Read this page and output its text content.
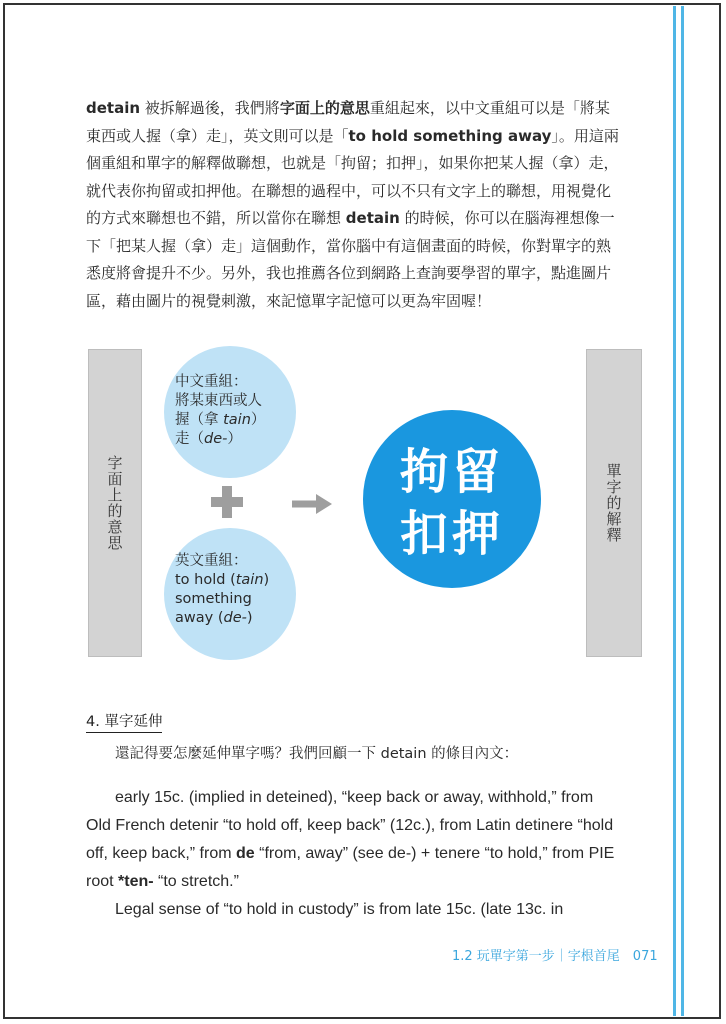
detain 被拆解過後，我們將字面上的意思重組起來，以中文重組可以是「將某
東西或人握（拿）走」，英文則可以是「to hold something away」。用這兩
個重組和單字的解釋做聯想，也就是「拘留；扣押」，如果你把某人握（拿）走，
就代表你拘留或扣押他。在聯想的過程中，可以不只有文字上的聯想，用視覺化
的方式來聯想也不錯，所以當你在聯想 detain 的時候，你可以在腦海裡想像一
下「把某人握（拿）走」這個動作，當你腦中有這個畫面的時候，你對單字的熟
悉度將會提升不少。另外，我也推薦各位到網路上查詢要學習的單字，點進圖片
區，藉由圖片的視覺刺激，來記憶單字記憶可以更為牢固喔！
字面上的意思	單字的解釋
中文重組：
將某東西或人
握（拿 tain）
走（de-）
英文重組：
to hold (tain)
something
away (de-)
拘留
扣押
4. 單字延伸
還記得要怎麼延伸單字嗎？我們回顧一下 detain 的條目內文：
early 15c. (implied in deteined), “keep back or away, withhold,” from
Old French detenir “to hold off, keep back” (12c.), from Latin detinere “hold
off, keep back,” from de “from, away” (see de-) + tenere “to hold,” from PIE
root *ten- “to stretch.”
Legal sense of “to hold in custody” is from late 15c. (late 13c. in
1.2 玩單字第一步｜字根首尾　071
